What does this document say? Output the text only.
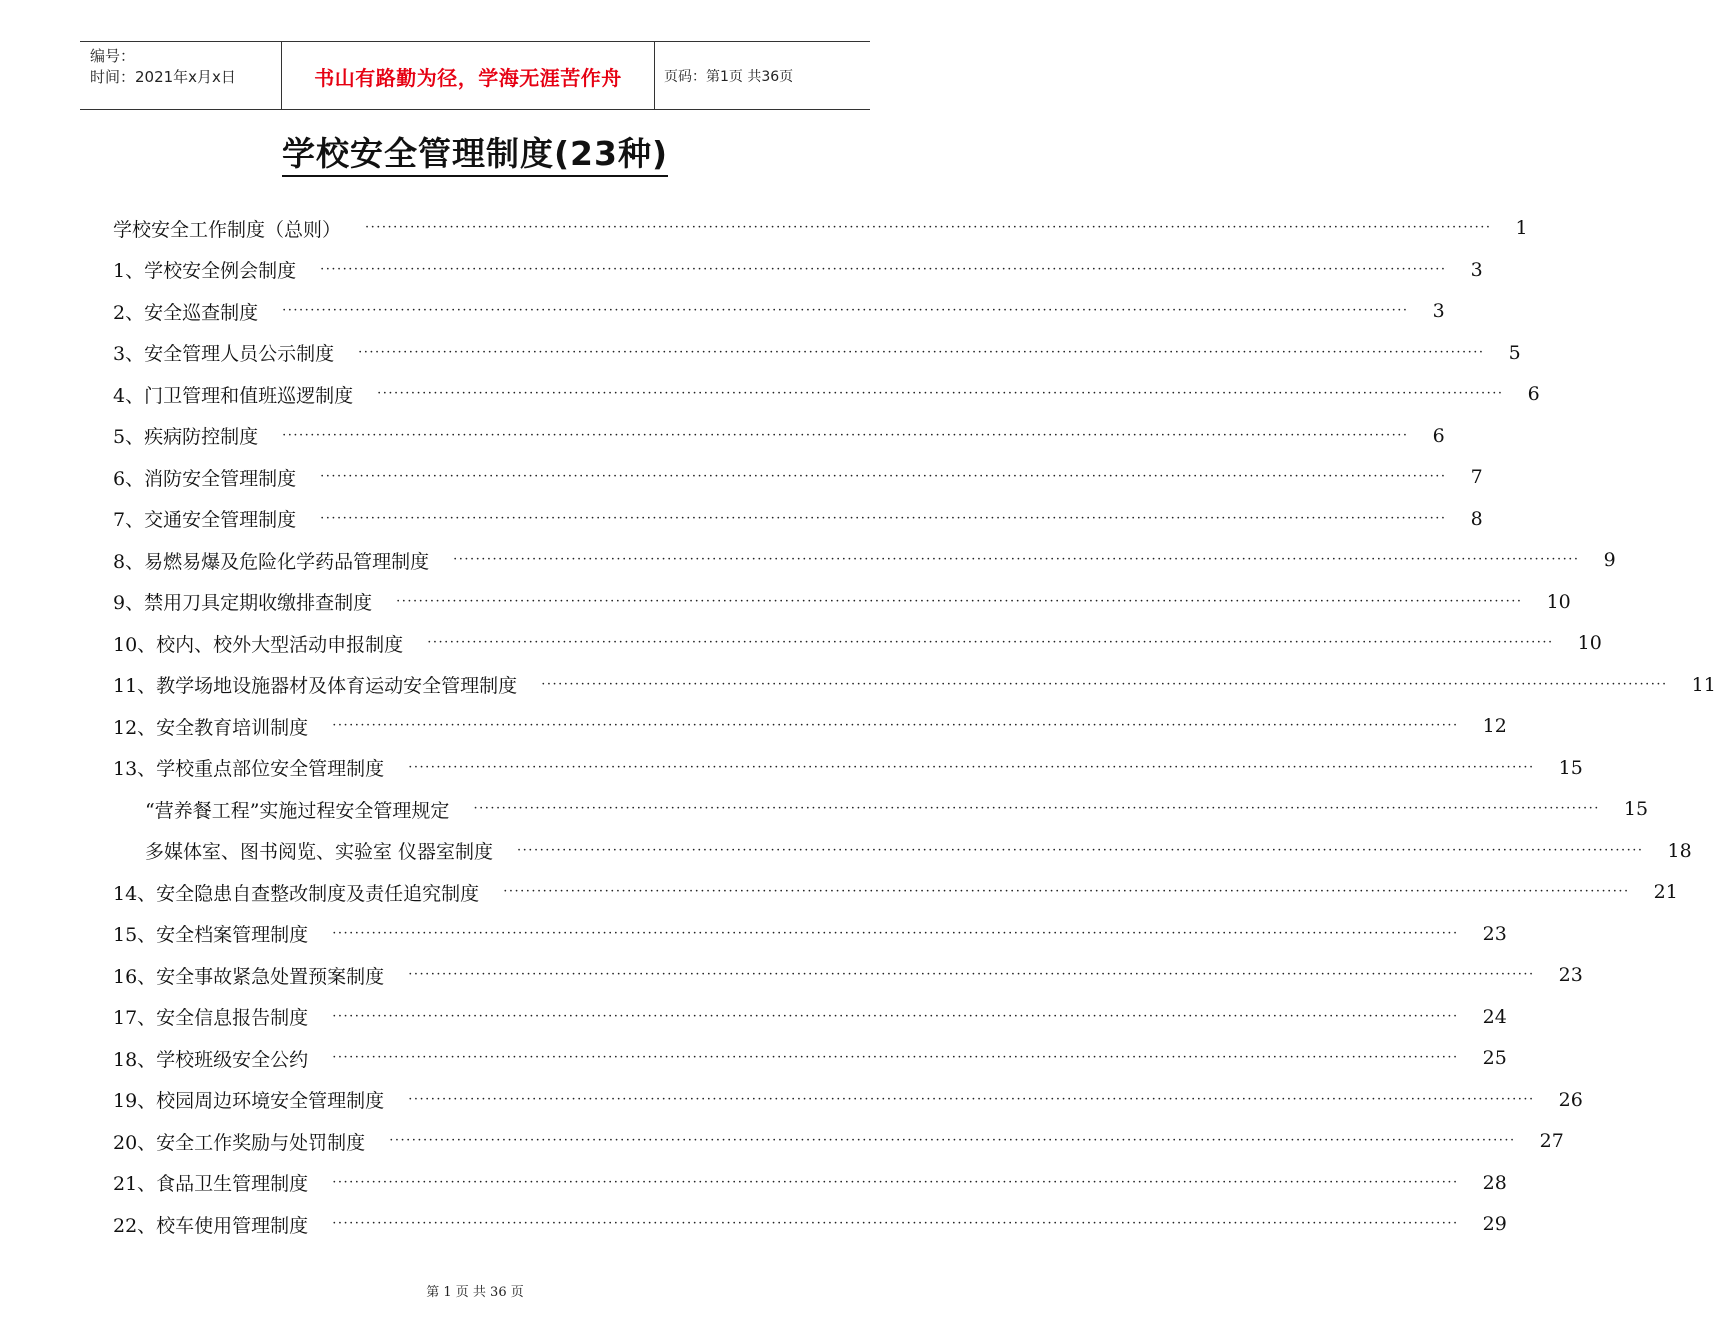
编号：
时间：2021年x月x日	书山有路勤为径，学海无涯苦作舟	页码：第1页 共36页
学校安全管理制度(23种)
学校安全工作制度（总则） ········································································································································································································ 1
1、学校安全例会制度 ········································································································································································································ 3
2、安全巡查制度 ········································································································································································································ 3
3、安全管理人员公示制度 ········································································································································································································ 5
4、门卫管理和值班巡逻制度 ········································································································································································································ 6
5、疾病防控制度 ········································································································································································································ 6
6、消防安全管理制度 ········································································································································································································ 7
7、交通安全管理制度 ········································································································································································································ 8
8、易燃易爆及危险化学药品管理制度 ········································································································································································································ 9
9、禁用刀具定期收缴排查制度 ········································································································································································································ 10
10、校内、校外大型活动申报制度 ········································································································································································································ 10
11、教学场地设施器材及体育运动安全管理制度 ········································································································································································································ 11
12、安全教育培训制度 ········································································································································································································ 12
13、学校重点部位安全管理制度 ········································································································································································································ 15
“营养餐工程”实施过程安全管理规定 ········································································································································································································ 15
多媒体室、图书阅览、实验室 仪器室制度 ········································································································································································································ 18
14、安全隐患自查整改制度及责任追究制度 ········································································································································································································ 21
15、安全档案管理制度 ········································································································································································································ 23
16、安全事故紧急处置预案制度 ········································································································································································································ 23
17、安全信息报告制度 ········································································································································································································ 24
18、学校班级安全公约 ········································································································································································································ 25
19、校园周边环境安全管理制度 ········································································································································································································ 26
20、安全工作奖励与处罚制度 ········································································································································································································ 27
21、食品卫生管理制度 ········································································································································································································ 28
22、校车使用管理制度 ········································································································································································································ 29
第 1 页 共 36 页
